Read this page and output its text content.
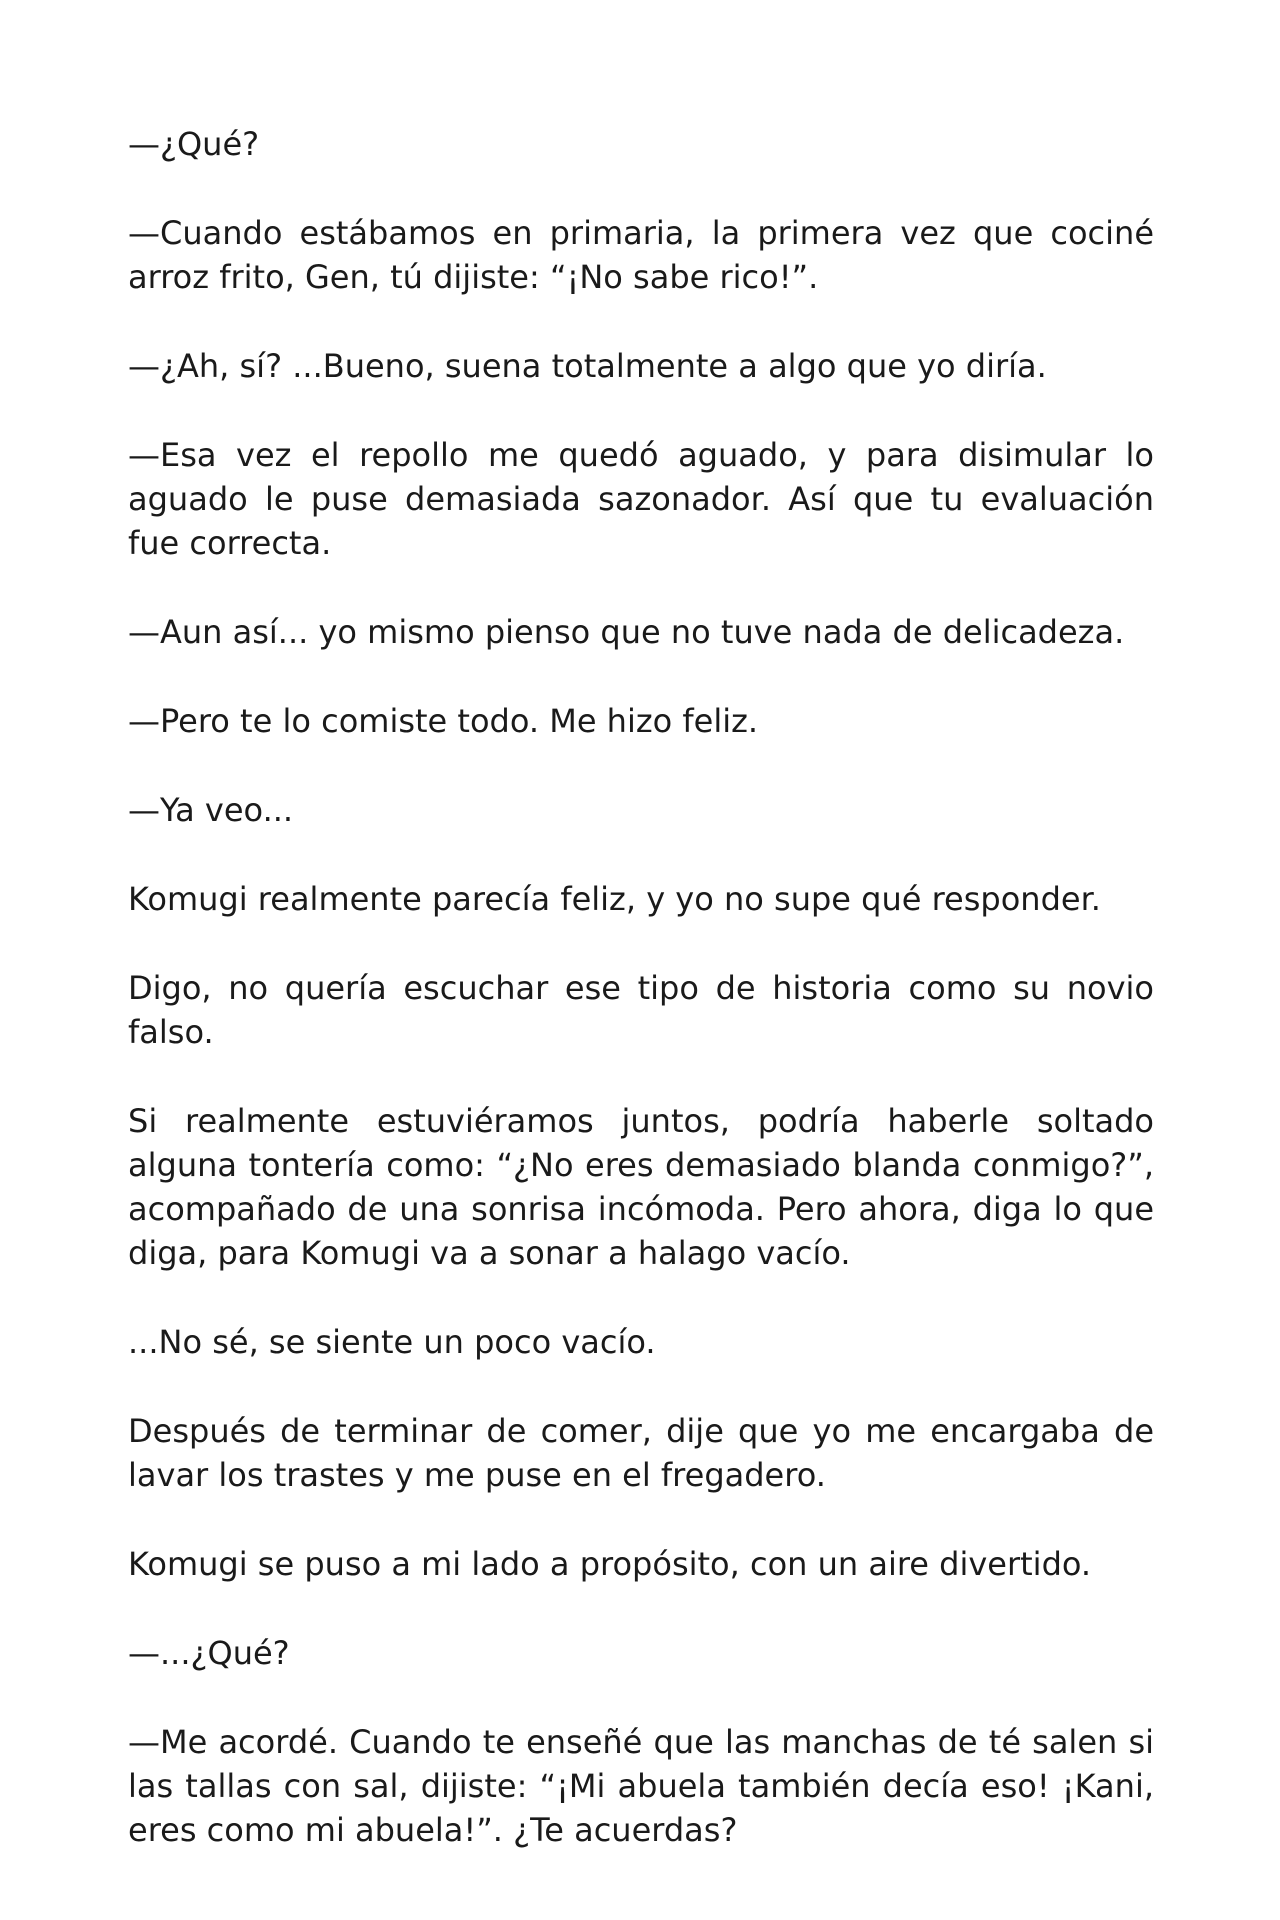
—¿Qué?

—Cuando estábamos en primaria, la primera vez que cociné arroz frito, Gen, tú dijiste: “¡No sabe rico!”.

—¿Ah, sí? ...Bueno, suena totalmente a algo que yo diría.

—Esa vez el repollo me quedó aguado, y para disimular lo aguado le puse demasiada sazonador. Así que tu evaluación fue correcta.

—Aun así... yo mismo pienso que no tuve nada de delicadeza.

—Pero te lo comiste todo. Me hizo feliz.

—Ya veo...

Komugi realmente parecía feliz, y yo no supe qué responder.

Digo, no quería escuchar ese tipo de historia como su novio falso.

Si realmente estuviéramos juntos, podría haberle soltado alguna tontería como: “¿No eres demasiado blanda conmigo?”, acompañado de una sonrisa incómoda. Pero ahora, diga lo que diga, para Komugi va a sonar a halago vacío.

...No sé, se siente un poco vacío.

Después de terminar de comer, dije que yo me encargaba de lavar los trastes y me puse en el fregadero.

Komugi se puso a mi lado a propósito, con un aire divertido.

—...¿Qué?

—Me acordé. Cuando te enseñé que las manchas de té salen si las tallas con sal, dijiste: “¡Mi abuela también decía eso! ¡Kani, eres como mi abuela!”. ¿Te acuerdas?
